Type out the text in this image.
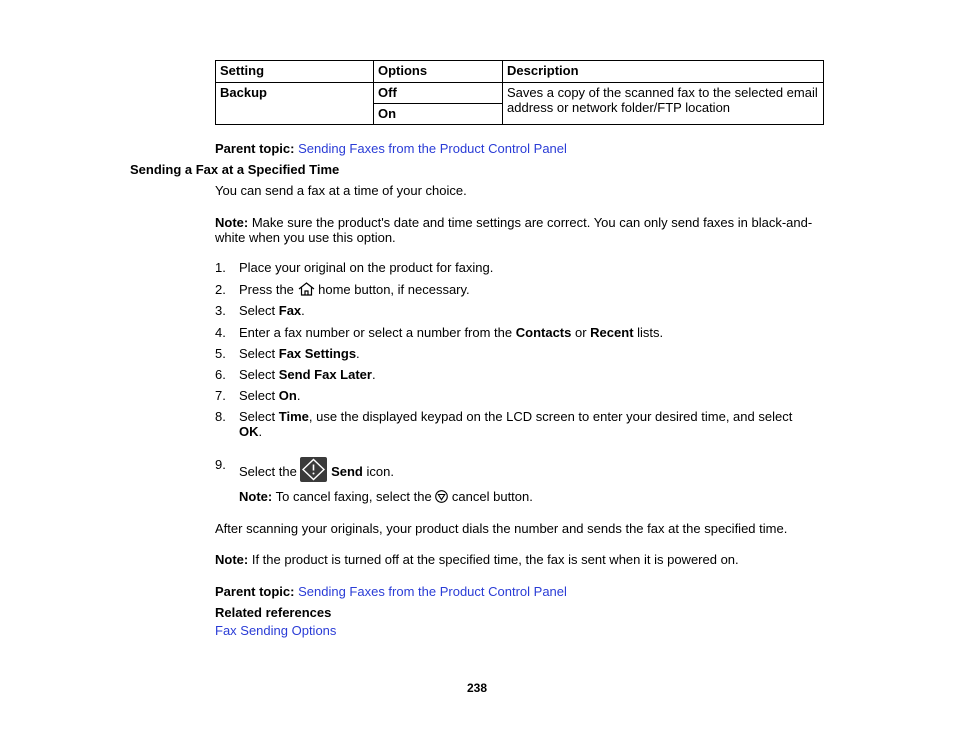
Setting	Options	Description
Backup	Off	Saves a copy of the scanned fax to the selected email address or network folder/FTP location
	On	
Parent topic: Sending Faxes from the Product Control Panel
Sending a Fax at a Specified Time
You can send a fax at a time of your choice.
Note: Make sure the product's date and time settings are correct. You can only send faxes in black-and-
white when you use this option.
1. Place your original on the product for faxing.
2. Press the  home button, if necessary.
3. Select Fax.
4. Enter a fax number or select a number from the Contacts or Recent lists.
5. Select Fax Settings.
6. Select Send Fax Later.
7. Select On.
8. Select Time, use the displayed keypad on the LCD screen to enter your desired time, and select
OK.
9. Select the
Send icon.
Note: To cancel faxing, select the  cancel button.
After scanning your originals, your product dials the number and sends the fax at the specified time.
Note: If the product is turned off at the specified time, the fax is sent when it is powered on.
Parent topic: Sending Faxes from the Product Control Panel
Related references
Fax Sending Options
238
